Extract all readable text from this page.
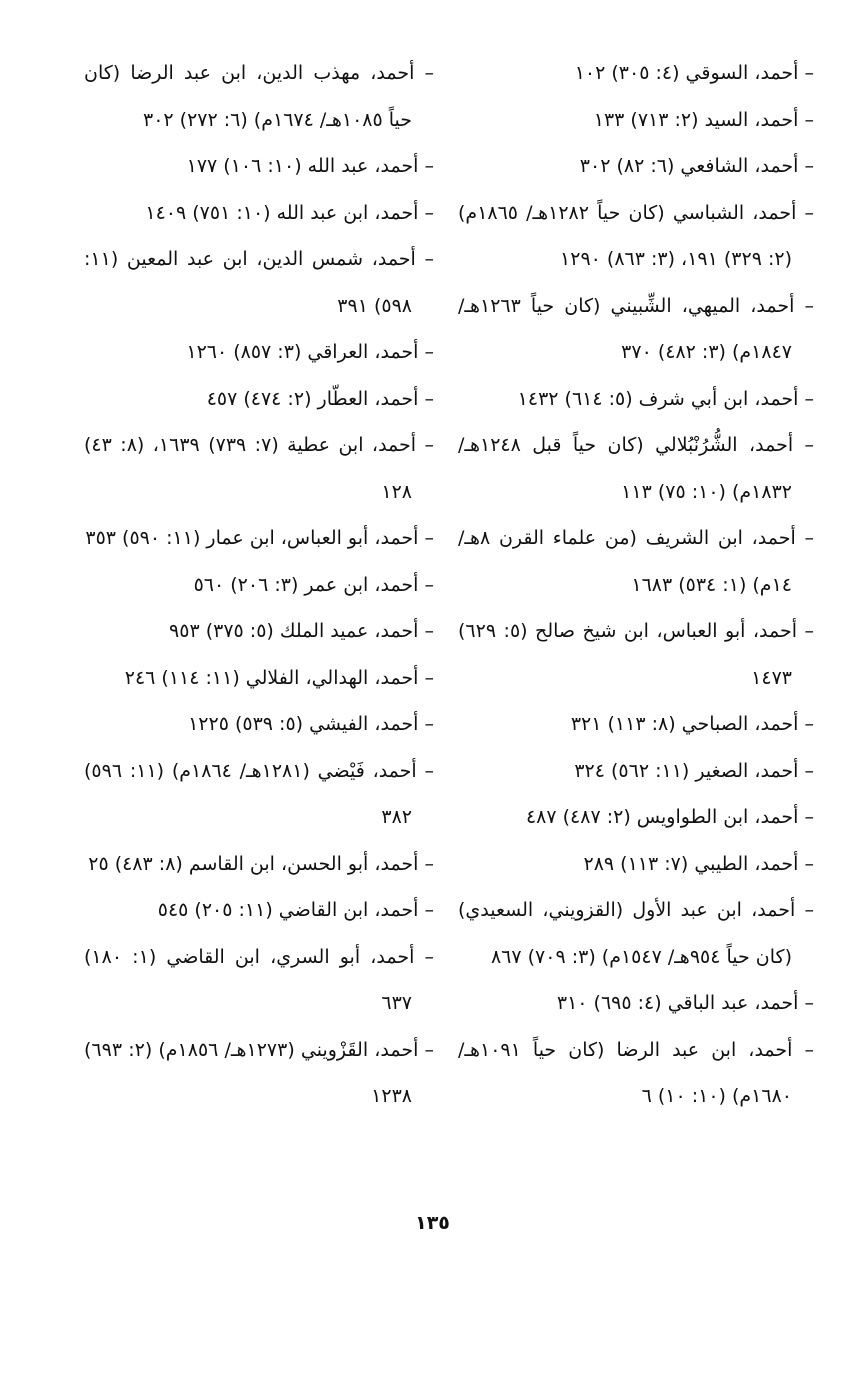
– أحمد، السوقي (٤: ٣٠٥) ١٠٢

– أحمد، السيد (٢: ٧١٣) ١٣٣

– أحمد، الشافعي (٦: ٨٢) ٣٠٢

– أحمد، الشباسي (كان حياً ١٢٨٢هـ/ ١٨٦٥م) (٢: ٣٢٩) ١٩١، (٣: ٨٦٣) ١٢٩٠

– أحمد، الميهي، الشِّبيني (كان حياً ١٢٦٣هـ/ ١٨٤٧م) (٣: ٤٨٢) ٣٧٠

– أحمد، ابن أبي شرف (٥: ٦١٤) ١٤٣٢

– أحمد، الشُّرُنْبُلالي (كان حياً قبل ١٢٤٨هـ/ ١٨٣٢م) (١٠: ٧٥) ١١٣

– أحمد، ابن الشريف (من علماء القرن ٨هـ/ ١٤م) (١: ٥٣٤) ١٦٨٣

– أحمد، أبو العباس، ابن شيخ صالح (٥: ٦٢٩) ١٤٧٣

– أحمد، الصباحي (٨: ١١٣) ٣٢١

– أحمد، الصغير (١١: ٥٦٢) ٣٢٤

– أحمد، ابن الطواويس (٢: ٤٨٧) ٤٨٧

– أحمد، الطيبي (٧: ١١٣) ٢٨٩

– أحمد، ابن عبد الأول (القزويني، السعيدي) (كان حياً ٩٥٤هـ/ ١٥٤٧م) (٣: ٧٠٩) ٨٦٧

– أحمد، عبد الباقي (٤: ٦٩٥) ٣١٠

– أحمد، ابن عبد الرضا (كان حياً ١٠٩١هـ/ ١٦٨٠م) (١٠: ١٠) ٦

– أحمد، مهذب الدين، ابن عبد الرضا (كان حياً ١٠٨٥هـ/ ١٦٧٤م) (٦: ٢٧٢) ٣٠٢

– أحمد، عبد الله (١٠: ١٠٦) ١٧٧

– أحمد، ابن عبد الله (١٠: ٧٥١) ١٤٠٩

– أحمد، شمس الدين، ابن عبد المعين (١١: ٥٩٨) ٣٩١

– أحمد، العراقي (٣: ٨٥٧) ١٢٦٠

– أحمد، العطّار (٢: ٤٧٤) ٤٥٧

– أحمد، ابن عطية (٧: ٧٣٩) ١٦٣٩، (٨: ٤٣) ١٢٨

– أحمد، أبو العباس، ابن عمار (١١: ٥٩٠) ٣٥٣

– أحمد، ابن عمر (٣: ٢٠٦) ٥٦٠

– أحمد، عميد الملك (٥: ٣٧٥) ٩٥٣

– أحمد، الهدالي، الفلالي (١١: ١١٤) ٢٤٦

– أحمد، الفيشي (٥: ٥٣٩) ١٢٢٥

– أحمد، فَيْضي (١٢٨١هـ/ ١٨٦٤م) (١١: ٥٩٦) ٣٨٢

– أحمد، أبو الحسن، ابن القاسم (٨: ٤٨٣) ٢٥

– أحمد، ابن القاضي (١١: ٢٠٥) ٥٤٥

– أحمد، أبو السري، ابن القاضي (١: ١٨٠) ٦٣٧

– أحمد، القَزْويني (١٢٧٣هـ/ ١٨٥٦م) (٢: ٦٩٣) ١٢٣٨

١٣٥
